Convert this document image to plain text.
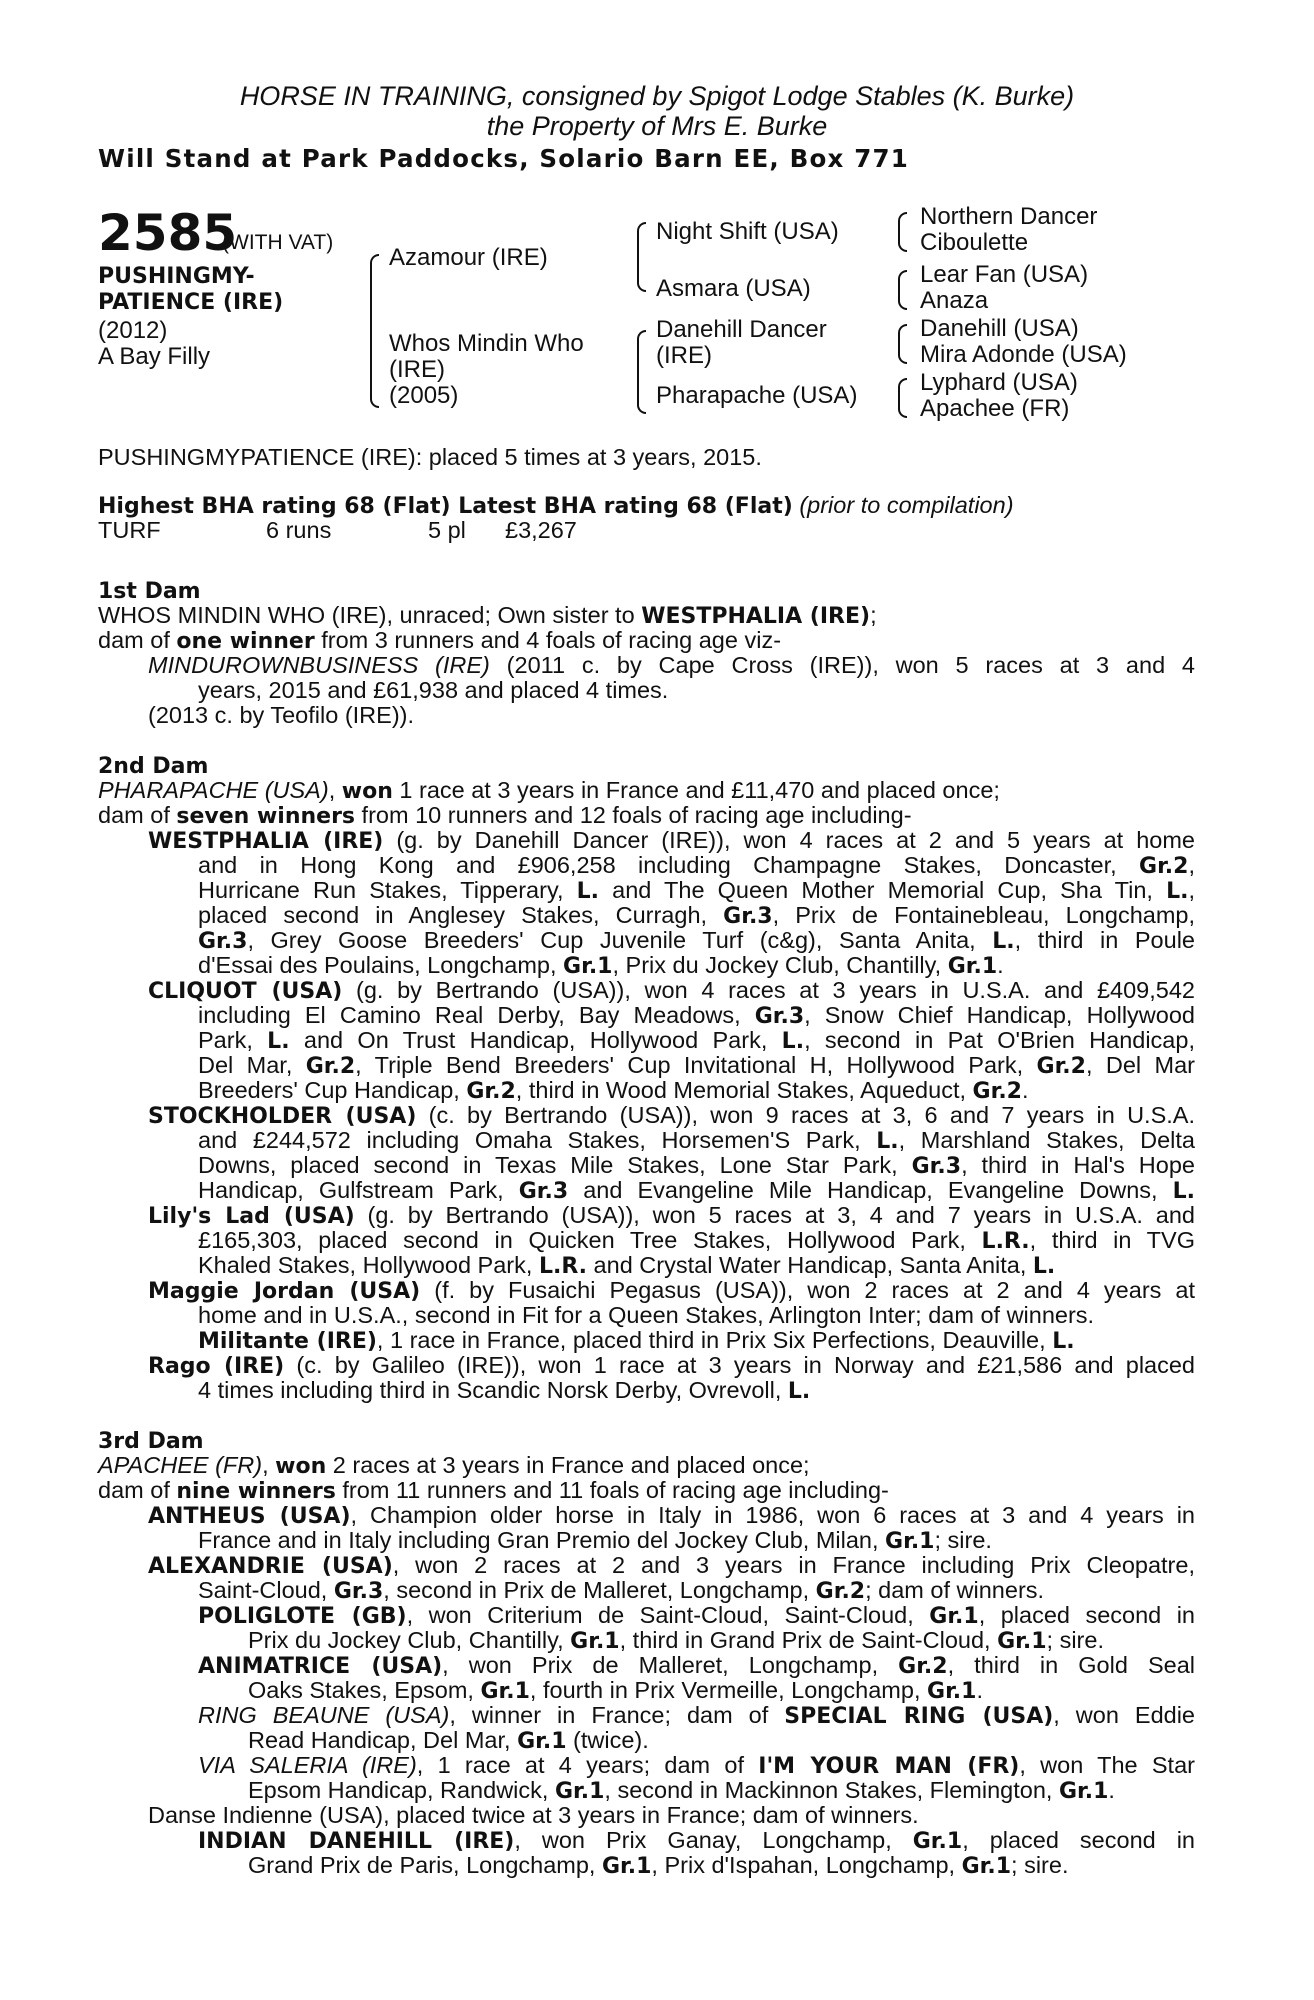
HORSE IN TRAINING, consigned by Spigot Lodge Stables (K. Burke)
the Property of Mrs E. Burke
Will Stand at Park Paddocks, Solario Barn EE, Box 771
2585
(WITH VAT)
PUSHINGMY-
PATIENCE (IRE)
(2012)
A Bay Filly
Azamour (IRE)
Whos Mindin Who
(IRE)
(2005)
Night Shift (USA)
Asmara (USA)
Danehill Dancer
(IRE)
Pharapache (USA)
Northern Dancer
Ciboulette
Lear Fan (USA)
Anaza
Danehill (USA)
Mira Adonde (USA)
Lyphard (USA)
Apachee (FR)
PUSHINGMYPATIENCE (IRE): placed 5 times at 3 years, 2015.
Highest BHA rating 68 (Flat) Latest BHA rating 68 (Flat) (prior to compilation)
TURF	6 runs	5 pl £3,267
1st Dam
WHOS MINDIN WHO (IRE), unraced; Own sister to WESTPHALIA (IRE);
dam of one winner from 3 runners and 4 foals of racing age viz-
MINDUROWNBUSINESS (IRE) (2011 c. by Cape Cross (IRE)), won 5 races at 3 and 4
years, 2015 and £61,938 and placed 4 times.
(2013 c. by Teofilo (IRE)).
2nd Dam
PHARAPACHE (USA), won 1 race at 3 years in France and £11,470 and placed once;
dam of seven winners from 10 runners and 12 foals of racing age including-
WESTPHALIA (IRE) (g. by Danehill Dancer (IRE)), won 4 races at 2 and 5 years at home
and in Hong Kong and £906,258 including Champagne Stakes, Doncaster, Gr.2,
Hurricane Run Stakes, Tipperary, L. and The Queen Mother Memorial Cup, Sha Tin, L.,
placed second in Anglesey Stakes, Curragh, Gr.3, Prix de Fontainebleau, Longchamp,
Gr.3, Grey Goose Breeders' Cup Juvenile Turf (c&g), Santa Anita, L., third in Poule
d'Essai des Poulains, Longchamp, Gr.1, Prix du Jockey Club, Chantilly, Gr.1.
CLIQUOT (USA) (g. by Bertrando (USA)), won 4 races at 3 years in U.S.A. and £409,542
including El Camino Real Derby, Bay Meadows, Gr.3, Snow Chief Handicap, Hollywood
Park, L. and On Trust Handicap, Hollywood Park, L., second in Pat O'Brien Handicap,
Del Mar, Gr.2, Triple Bend Breeders' Cup Invitational H, Hollywood Park, Gr.2, Del Mar
Breeders' Cup Handicap, Gr.2, third in Wood Memorial Stakes, Aqueduct, Gr.2.
STOCKHOLDER (USA) (c. by Bertrando (USA)), won 9 races at 3, 6 and 7 years in U.S.A.
and £244,572 including Omaha Stakes, Horsemen'S Park, L., Marshland Stakes, Delta
Downs, placed second in Texas Mile Stakes, Lone Star Park, Gr.3, third in Hal's Hope
Handicap, Gulfstream Park, Gr.3 and Evangeline Mile Handicap, Evangeline Downs, L.
Lily's Lad (USA) (g. by Bertrando (USA)), won 5 races at 3, 4 and 7 years in U.S.A. and
£165,303, placed second in Quicken Tree Stakes, Hollywood Park, L.R., third in TVG
Khaled Stakes, Hollywood Park, L.R. and Crystal Water Handicap, Santa Anita, L.
Maggie Jordan (USA) (f. by Fusaichi Pegasus (USA)), won 2 races at 2 and 4 years at
home and in U.S.A., second in Fit for a Queen Stakes, Arlington Inter; dam of winners.
Militante (IRE), 1 race in France, placed third in Prix Six Perfections, Deauville, L.
Rago (IRE) (c. by Galileo (IRE)), won 1 race at 3 years in Norway and £21,586 and placed
4 times including third in Scandic Norsk Derby, Ovrevoll, L.
3rd Dam
APACHEE (FR), won 2 races at 3 years in France and placed once;
dam of nine winners from 11 runners and 11 foals of racing age including-
ANTHEUS (USA), Champion older horse in Italy in 1986, won 6 races at 3 and 4 years in
France and in Italy including Gran Premio del Jockey Club, Milan, Gr.1; sire.
ALEXANDRIE (USA), won 2 races at 2 and 3 years in France including Prix Cleopatre,
Saint-Cloud, Gr.3, second in Prix de Malleret, Longchamp, Gr.2; dam of winners.
POLIGLOTE (GB), won Criterium de Saint-Cloud, Saint-Cloud, Gr.1, placed second in
Prix du Jockey Club, Chantilly, Gr.1, third in Grand Prix de Saint-Cloud, Gr.1; sire.
ANIMATRICE (USA), won Prix de Malleret, Longchamp, Gr.2, third in Gold Seal
Oaks Stakes, Epsom, Gr.1, fourth in Prix Vermeille, Longchamp, Gr.1.
RING BEAUNE (USA), winner in France; dam of SPECIAL RING (USA), won Eddie
Read Handicap, Del Mar, Gr.1 (twice).
VIA SALERIA (IRE), 1 race at 4 years; dam of I'M YOUR MAN (FR), won The Star
Epsom Handicap, Randwick, Gr.1, second in Mackinnon Stakes, Flemington, Gr.1.
Danse Indienne (USA), placed twice at 3 years in France; dam of winners.
INDIAN DANEHILL (IRE), won Prix Ganay, Longchamp, Gr.1, placed second in
Grand Prix de Paris, Longchamp, Gr.1, Prix d'Ispahan, Longchamp, Gr.1; sire.
